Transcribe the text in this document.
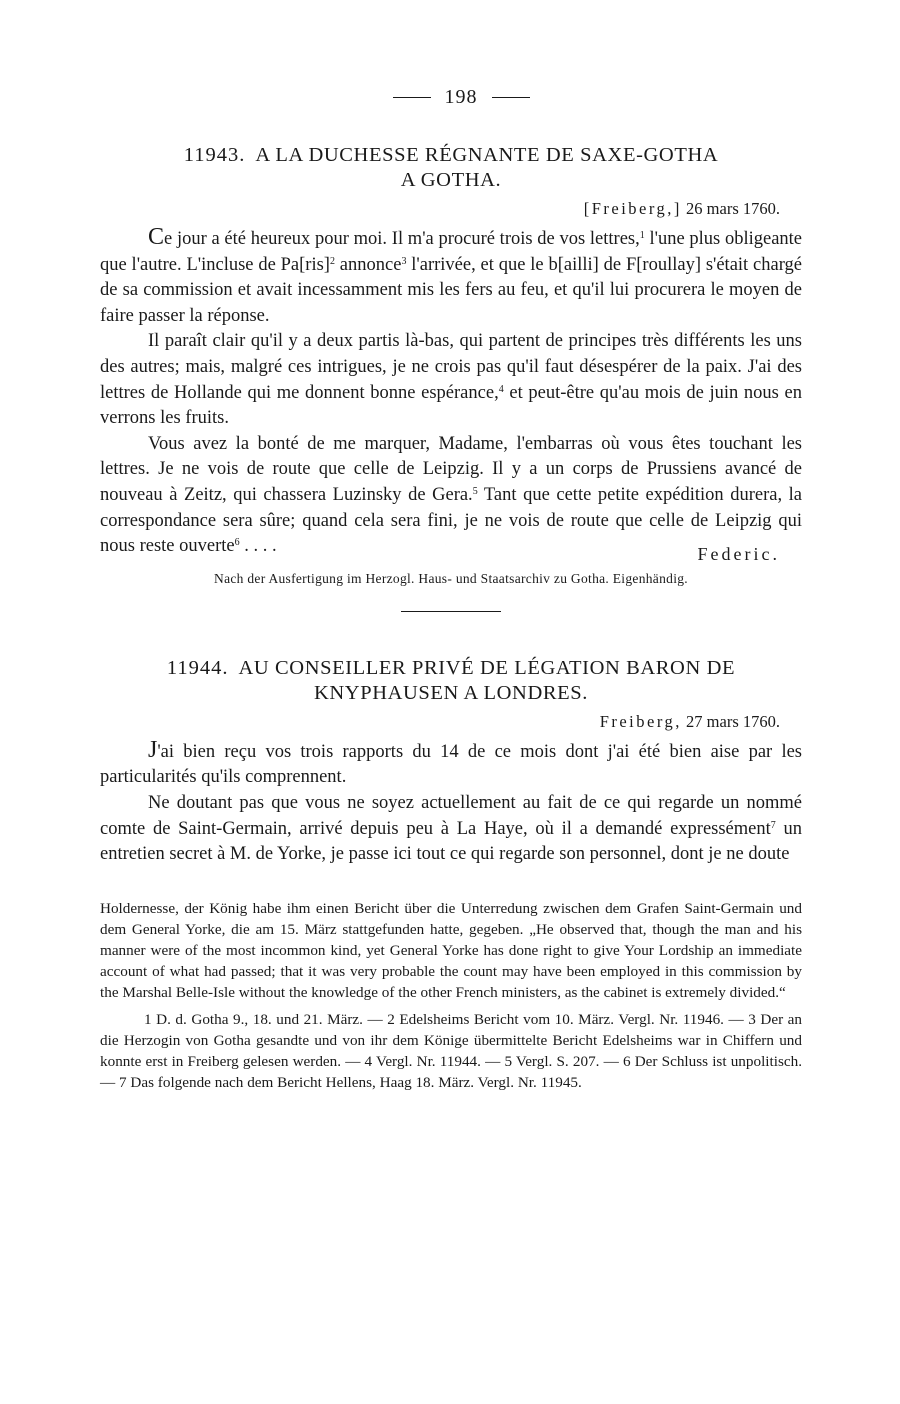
198
11943. A LA DUCHESSE RÉGNANTE DE SAXE-GOTHA
A GOTHA.
[Freiberg,] 26 mars 1760.

Ce jour a été heureux pour moi. Il m'a procuré trois de vos lettres,$^1$ l'une plus obligeante que l'autre. L'incluse de Pa[ris]$^2$ annonce$^3$ l'arrivée, et que le b[ailli] de F[roullay] s'était chargé de sa commission et avait incessamment mis les fers au feu, et qu'il lui procurera le moyen de faire passer la réponse.

Il paraît clair qu'il y a deux partis là-bas, qui partent de principes très différents les uns des autres; mais, malgré ces intrigues, je ne crois pas qu'il faut désespérer de la paix. J'ai des lettres de Hollande qui me donnent bonne espérance,$^4$ et peut-être qu'au mois de juin nous en verrons les fruits.

Vous avez la bonté de me marquer, Madame, l'embarras où vous êtes touchant les lettres. Je ne vois de route que celle de Leipzig. Il y a un corps de Prussiens avancé de nouveau à Zeitz, qui chassera Luzinsky de Gera.$^5$ Tant que cette petite expédition durera, la correspondance sera sûre; quand cela sera fini, je ne vois de route que celle de Leipzig qui nous reste ouverte$^6$ . . . .	Federic.
Nach der Ausfertigung im Herzogl. Haus- und Staatsarchiv zu Gotha. Eigenhändig.
11944. AU CONSEILLER PRIVÉ DE LÉGATION BARON DE
KNYPHAUSEN A LONDRES.
Freiberg, 27 mars 1760.

J'ai bien reçu vos trois rapports du 14 de ce mois dont j'ai été bien aise par les particularités qu'ils comprennent.

Ne doutant pas que vous ne soyez actuellement au fait de ce qui regarde un nommé comte de Saint-Germain, arrivé depuis peu à La Haye, où il a demandé expressément$^7$ un entretien secret à M. de Yorke, je passe ici tout ce qui regarde son personnel, dont je ne doute

Holdernesse, der König habe ihm einen Bericht über die Unterredung zwischen dem Grafen Saint-Germain und dem General Yorke, die am 15. März stattgefunden hatte, gegeben. „He observed that, though the man and his manner were of the most incommon kind, yet General Yorke has done right to give Your Lordship an immediate account of what had passed; that it was very probable the count may have been employed in this commission by the Marshal Belle-Isle without the knowledge of the other French ministers, as the cabinet is extremely divided.“

1 D. d. Gotha 9., 18. und 21. März. — 2 Edelsheims Bericht vom 10. März. Vergl. Nr. 11946. — 3 Der an die Herzogin von Gotha gesandte und von ihr dem Könige übermittelte Bericht Edelsheims war in Chiffern und konnte erst in Freiberg gelesen werden. — 4 Vergl. Nr. 11944. — 5 Vergl. S. 207. — 6 Der Schluss ist unpolitisch. — 7 Das folgende nach dem Bericht Hellens, Haag 18. März. Vergl. Nr. 11945.
